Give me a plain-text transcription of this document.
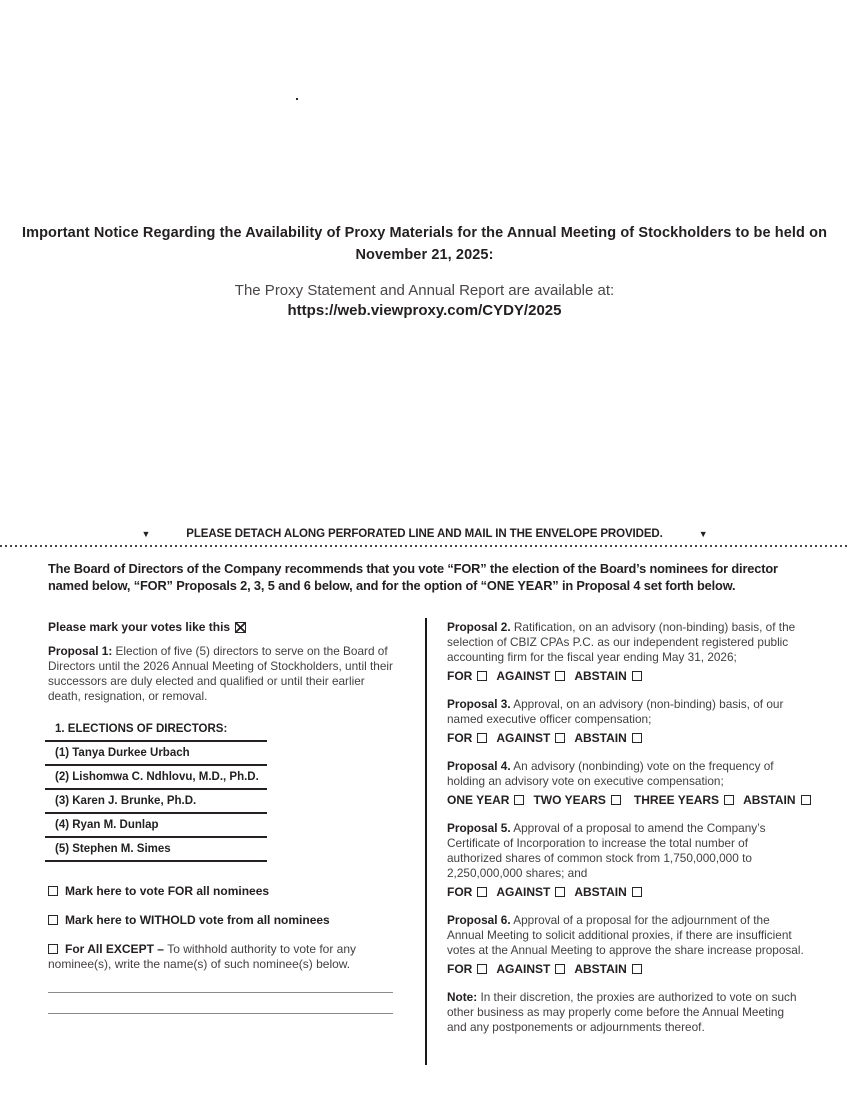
Important Notice Regarding the Availability of Proxy Materials for the Annual Meeting of Stockholders to be held on November 21, 2025:
The Proxy Statement and Annual Report are available at:
https://web.viewproxy.com/CYDY/2025
▼	PLEASE DETACH ALONG PERFORATED LINE AND MAIL IN THE ENVELOPE PROVIDED.	▼
The Board of Directors of the Company recommends that you vote “FOR” the election of the Board’s nominees for director
named below, “FOR” Proposals 2, 3, 5 and 6 below, and for the option of “ONE YEAR” in Proposal 4 set forth below.
Please mark your votes like this

Proposal 1: Election of five (5) directors to serve on the Board of Directors until the 2026 Annual Meeting of Stockholders, until their successors are duly elected and qualified or until their earlier death, resignation, or removal.

1. ELECTIONS OF DIRECTORS:
(1) Tanya Durkee Urbach
(2) Lishomwa C. Ndhlovu, M.D., Ph.D.
(3) Karen J. Brunke, Ph.D.
(4) Ryan M. Dunlap
(5) Stephen M. Simes
Mark here to vote FOR all nominees
Mark here to WITHOLD vote from all nominees
For All EXCEPT – To withhold authority to vote for any nominee(s), write the name(s) of such nominee(s) below.

Proposal 2. Ratification, on an advisory (non-binding) basis, of the selection of CBIZ CPAs P.C. as our independent registered public accounting firm for the fiscal year ending May 31, 2026;

FOR AGAINST ABSTAIN

Proposal 3. Approval, on an advisory (non-binding) basis, of our named executive officer compensation;

FOR AGAINST ABSTAIN

Proposal 4. An advisory (nonbinding) vote on the frequency of holding an advisory vote on executive compensation;

ONE YEAR TWO YEARS THREE YEARS ABSTAIN

Proposal 5. Approval of a proposal to amend the Company’s Certificate of Incorporation to increase the total number of authorized shares of common stock from 1,750,000,000 to 2,250,000,000 shares; and

FOR AGAINST ABSTAIN

Proposal 6. Approval of a proposal for the adjournment of the Annual Meeting to solicit additional proxies, if there are insufficient votes at the Annual Meeting to approve the share increase proposal.

FOR AGAINST ABSTAIN

Note: In their discretion, the proxies are authorized to vote on such other business as may properly come before the Annual Meeting and any postponements or adjournments thereof.
